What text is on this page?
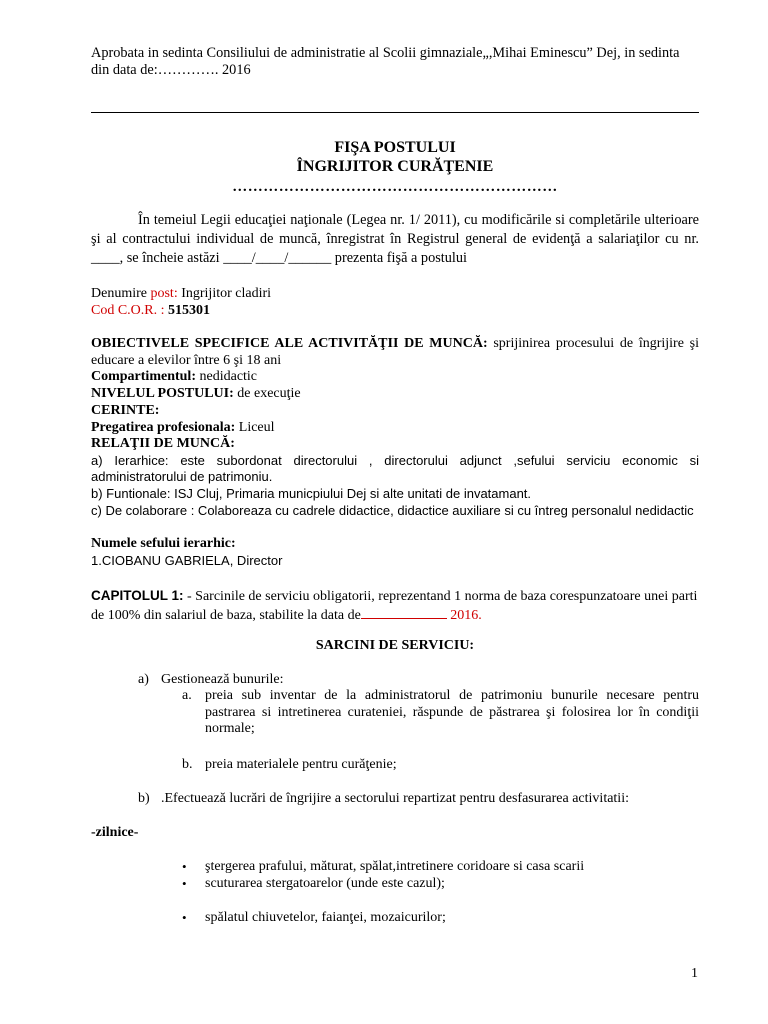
Aprobata in sedinta Consiliului de administratie al Scolii gimnaziale„,Mihai Eminescu” Dej, in sedinta din data de:…………. 2016
FIŞA POSTULUI
ÎNGRIJITOR CURĂŢENIE
………………………………………………………
În temeiul Legii educaţiei naţionale (Legea nr. 1/ 2011), cu modificările si completările ulterioare şi al contractului individual de muncă, înregistrat în Registrul general de evidenţă a salariaţilor cu nr. ____, se încheie astăzi ____/____/______ prezenta fişă a postului
Denumire post: Ingrijitor cladiri
Cod C.O.R. : 515301
OBIECTIVELE SPECIFICE ALE ACTIVITĂŢII DE MUNCĂ: sprijinirea procesului de îngrijire şi educare a elevilor între 6 şi 18 ani
Compartimentul: nedidactic
NIVELUL POSTULUI: de execuţie
CERINTE:
Pregatirea profesionala: Liceul
RELAŢII DE MUNCĂ:
a) Ierarhice: este subordonat directorului , directorului adjunct ,sefului serviciu economic si administratorului de patrimoniu.
b) Funtionale: ISJ Cluj, Primaria municpiului Dej si alte unitati de invatamant.
c) De colaborare : Colaboreaza cu cadrele didactice, didactice auxiliare si cu întreg personalul nedidactic
Numele sefului ierarhic:
1.CIOBANU GABRIELA, Director
CAPITOLUL 1: - Sarcinile de serviciu obligatorii, reprezentand 1 norma de baza corespunzatoare unei parti de 100% din salariul de baza, stabilite la data de	2016.
SARCINI DE SERVICIU:
a) Gestionează bunurile:
a. preia sub inventar de la administratorul de patrimoniu bunurile necesare pentru pastrarea si intretinerea curateniei, răspunde de păstrarea şi folosirea lor în condiţii normale;
b. preia materialele pentru curăţenie;
b) .Efectuează lucrări de îngrijire a sectorului repartizat pentru desfasurarea activitatii:
-zilnice-
• ştergerea prafului, măturat, spălat,intretinere coridoare si casa scarii
• scuturarea stergatoarelor (unde este cazul);
• spălatul chiuvetelor, faianţei, mozaicurilor;
1
